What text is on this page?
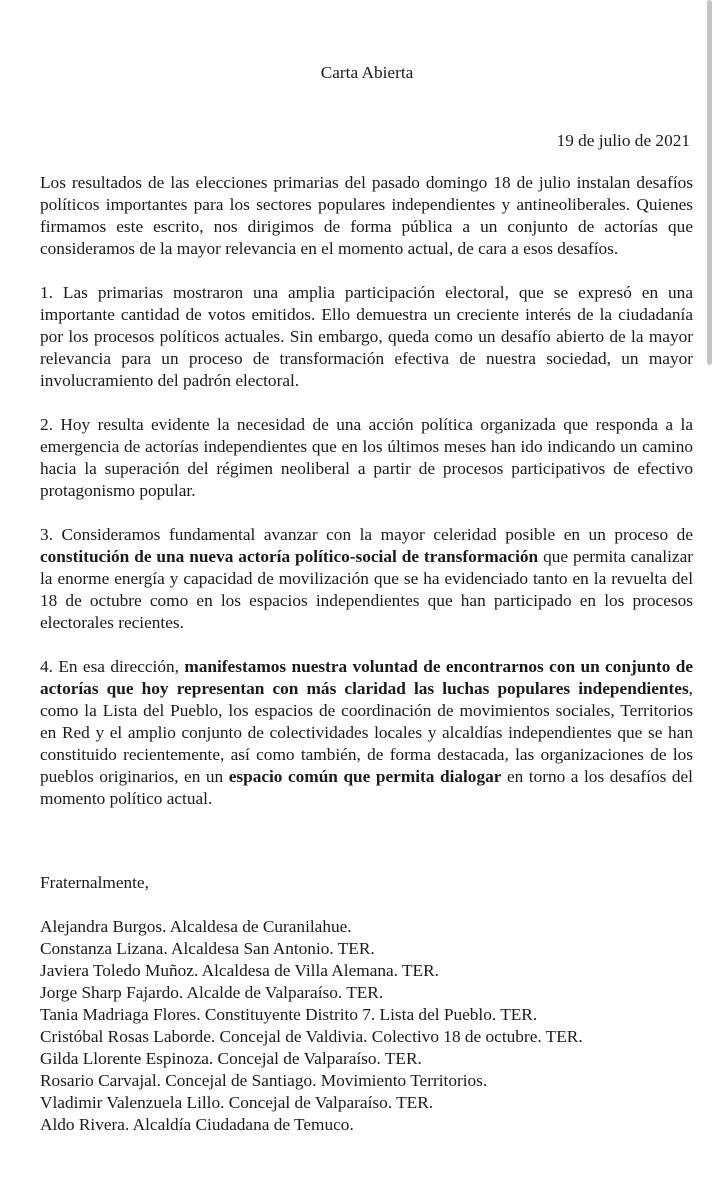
Carta Abierta
19 de julio de 2021

Los resultados de las elecciones primarias del pasado domingo 18 de julio instalan desafíos políticos importantes para los sectores populares independientes y antineoliberales. Quienes firmamos este escrito, nos dirigimos de forma pública a un conjunto de actorías que consideramos de la mayor relevancia en el momento actual, de cara a esos desafíos.

1. Las primarias mostraron una amplia participación electoral, que se expresó en una importante cantidad de votos emitidos. Ello demuestra un creciente interés de la ciudadanía por los procesos políticos actuales. Sin embargo, queda como un desafío abierto de la mayor relevancia para un proceso de transformación efectiva de nuestra sociedad, un mayor involucramiento del padrón electoral.

2. Hoy resulta evidente la necesidad de una acción política organizada que responda a la emergencia de actorías independientes que en los últimos meses han ido indicando un camino hacia la superación del régimen neoliberal a partir de procesos participativos de efectivo protagonismo popular.

3. Consideramos fundamental avanzar con la mayor celeridad posible en un proceso de constitución de una nueva actoría político-social de transformación que permita canalizar la enorme energía y capacidad de movilización que se ha evidenciado tanto en la revuelta del 18 de octubre como en los espacios independientes que han participado en los procesos electorales recientes.

4. En esa dirección, manifestamos nuestra voluntad de encontrarnos con un conjunto de actorías que hoy representan con más claridad las luchas populares independientes, como la Lista del Pueblo, los espacios de coordinación de movimientos sociales, Territorios en Red y el amplio conjunto de colectividades locales y alcaldías independientes que se han constituido recientemente, así como también, de forma destacada, las organizaciones de los pueblos originarios, en un espacio común que permita dialogar en torno a los desafíos del momento político actual.

Fraternalmente,
Alejandra Burgos. Alcaldesa de Curanilahue.
Constanza Lizana. Alcaldesa San Antonio. TER.
Javiera Toledo Muñoz. Alcaldesa de Villa Alemana. TER.
Jorge Sharp Fajardo. Alcalde de Valparaíso. TER.
Tania Madriaga Flores. Constituyente Distrito 7. Lista del Pueblo. TER.
Cristóbal Rosas Laborde. Concejal de Valdivia. Colectivo 18 de octubre. TER.
Gilda Llorente Espinoza. Concejal de Valparaíso. TER.
Rosario Carvajal. Concejal de Santiago. Movimiento Territorios.
Vladimir Valenzuela Lillo. Concejal de Valparaíso. TER.
Aldo Rivera. Alcaldía Ciudadana de Temuco.
